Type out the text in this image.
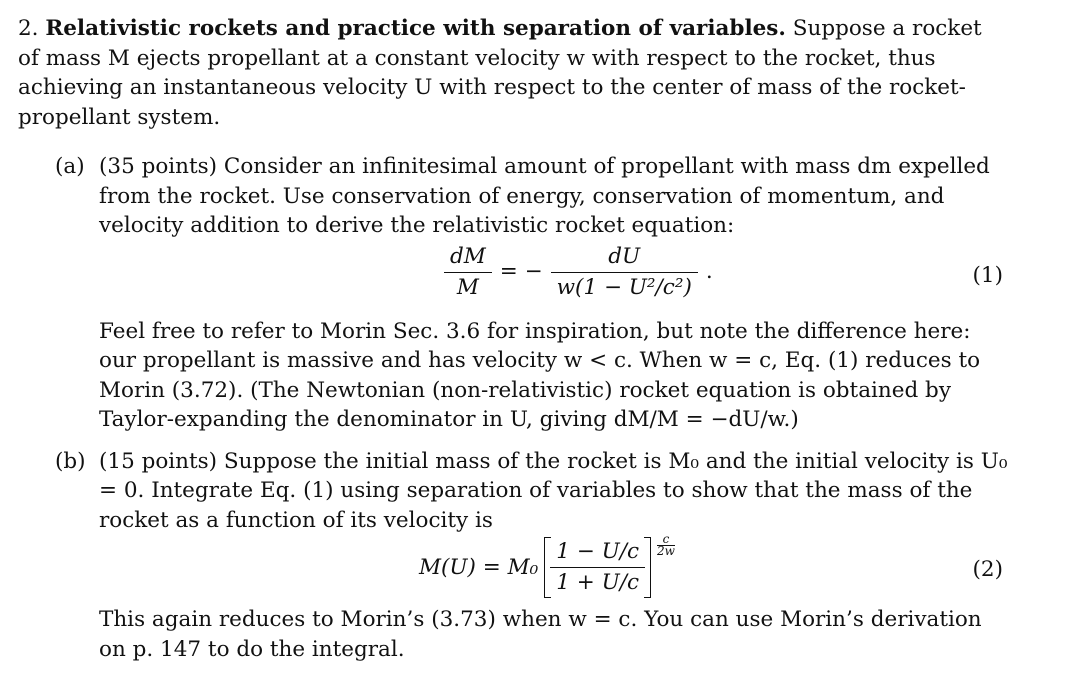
2. Relativistic rockets and practice with separation of variables. Suppose a rocket of mass M ejects propellant at a constant velocity w with respect to the rocket, thus achieving an instantaneous velocity U with respect to the center of mass of the rocket-propellant system.

(a) (35 points) Consider an infinitesimal amount of propellant with mass dm expelled from the rocket. Use conservation of energy, conservation of momentum, and velocity addition to derive the relativistic rocket equation:

$\frac{dM}{M}$ = − $\frac{dU}{\text{w(1 − U²/c²)}}$ .	(1)

Feel free to refer to Morin Sec. 3.6 for inspiration, but note the difference here: our propellant is massive and has velocity w < c. When w = c, Eq. (1) reduces to Morin (3.72). (The Newtonian (non-relativistic) rocket equation is obtained by Taylor-expanding the denominator in U, giving dM/M = −dU/w.)

(b) (15 points) Suppose the initial mass of the rocket is M₀ and the initial velocity is U₀ = 0. Integrate Eq. (1) using separation of variables to show that the mass of the rocket as a function of its velocity is

$M(U) = M_0 \frac{1 - U/c}{1 + U/c}$	c
2w
(2)

This again reduces to Morin’s (3.73) when w = c. You can use Morin’s derivation on p. 147 to do the integral.
